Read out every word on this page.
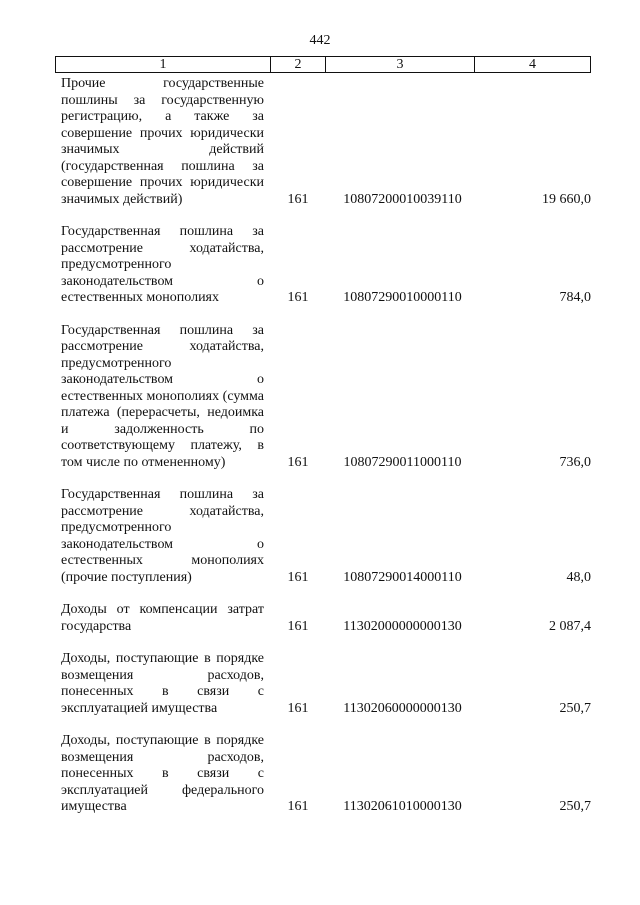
442
1	2	3	4
Прочие государственные пошлины за государственную регистрацию, а также за совершение прочих юридически значимых действий (государственная пошлина за совершение прочих юридически значимых действий)	161	10807200010039110	19 660,0
Государственная пошлина за рассмотрение ходатайства, предусмотренного законодательством о естественных монополиях	161	10807290010000110	784,0
Государственная пошлина за рассмотрение ходатайства, предусмотренного законодательством о естественных монополиях (сумма платежа (перерасчеты, недоимка и задолженность по соответствующему платежу, в том числе по отмененному)	161	10807290011000110	736,0
Государственная пошлина за рассмотрение ходатайства, предусмотренного законодательством о естественных монополиях (прочие поступления)	161	10807290014000110	48,0
Доходы от компенсации затрат государства	161	11302000000000130	2 087,4
Доходы, поступающие в порядке возмещения расходов, понесенных в связи с эксплуатацией имущества	161	11302060000000130	250,7
Доходы, поступающие в порядке возмещения расходов, понесенных в связи с эксплуатацией федерального имущества	161	11302061010000130	250,7
